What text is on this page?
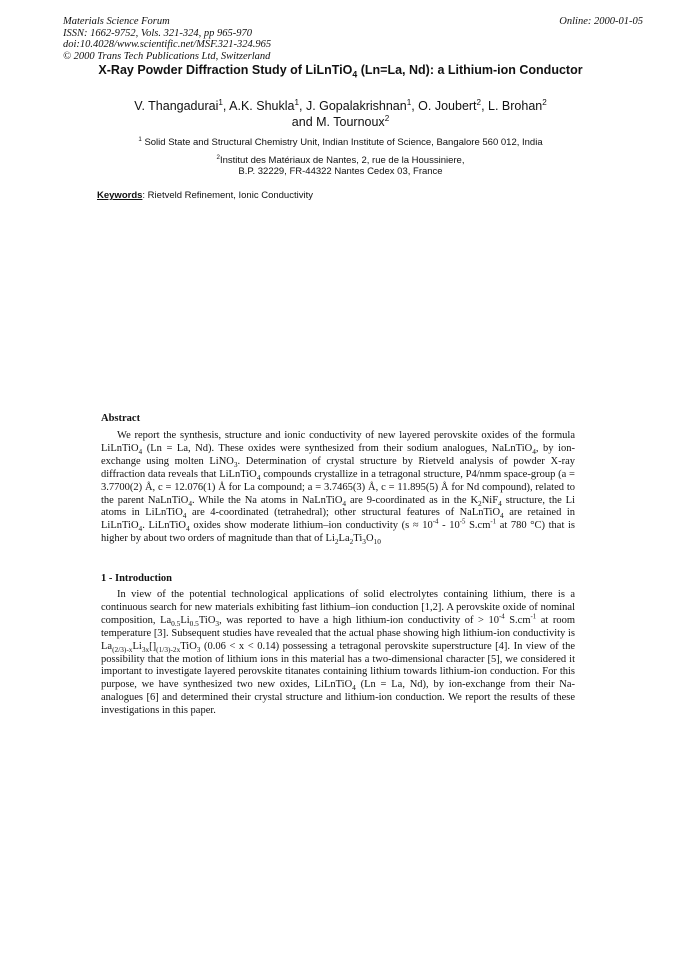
Materials Science Forum
ISSN: 1662-9752, Vols. 321-324, pp 965-970
doi:10.4028/www.scientific.net/MSF.321-324.965
© 2000 Trans Tech Publications Ltd, Switzerland
Online: 2000-01-05
X-Ray Powder Diffraction Study of LiLnTiO$_4$ (Ln=La, Nd): a Lithium-ion Conductor
V. Thangadurai$^1$, A.K. Shukla$^1$, J. Gopalakrishnan$^1$, O. Joubert$^2$, L. Brohan$^2$
and M. Tournoux$^2$
$^1$ Solid State and Structural Chemistry Unit, Indian Institute of Science, Bangalore 560 012, India
$^2$Institut des Matériaux de Nantes, 2, rue de la Houssiniere,
B.P. 32229, FR-44322 Nantes Cedex 03, France
Keywords: Rietveld Refinement, Ionic Conductivity
Abstract

We report the synthesis, structure and ionic conductivity of new layered perovskite oxides of the formula LiLnTiO$_4$ (Ln = La, Nd). These oxides were synthesized from their sodium analogues, NaLnTiO$_4$, by ion-exchange using molten LiNO$_3$. Determination of crystal structure by Rietveld analysis of powder X-ray diffraction data reveals that LiLnTiO$_4$ compounds crystallize in a tetragonal structure, P4/nmm space-group (a = 3.7700(2) Å, c = 12.076(1) Å for La compound; a = 3.7465(3) Å, c = 11.895(5) Å for Nd compound), related to the parent NaLnTiO$_4$. While the Na atoms in NaLnTiO$_4$ are 9-coordinated as in the $K_2NiF_4$ structure, the Li atoms in LiLnTiO$_4$ are 4-coordinated (tetrahedral); other structural features of NaLnTiO$_4$ are retained in LiLnTiO$_4$. LiLnTiO$_4$ oxides show moderate lithium–ion conductivity ($s \approx 10^{-4} - 10^{-5}$ $S.cm^{-1}$ at 780 °C) that is higher by about two orders of magnitude than that of $Li_2La_2Ti_3O_{10}$

1 - Introduction

In view of the potential technological applications of solid electrolytes containing lithium, there is a continuous search for new materials exhibiting fast lithium–ion conduction [1,2]. A perovskite oxide of nominal composition, $La_{0.5}Li_{0.5}TiO_3$, was reported to have a high lithium-ion conductivity of > $10^{-4}$ $S.cm^{-1}$ at room temperature [3]. Subsequent studies have revealed that the actual phase showing high lithium-ion conductivity is $La_{(2/3)-x}Li_{3x}[]_{(1/3)-2x}TiO_3$ (0.06 < x < 0.14) possessing a tetragonal perovskite superstructure [4]. In view of the possibility that the motion of lithium ions in this material has a two-dimensional character [5], we considered it important to investigate layered perovskite titanates containing lithium towards lithium-ion conduction. For this purpose, we have synthesized two new oxides, LiLnTiO$_4$ (Ln = La, Nd), by ion-exchange from their Na-analogues [6] and determined their crystal structure and lithium-ion conduction. We report the results of these investigations in this paper.
